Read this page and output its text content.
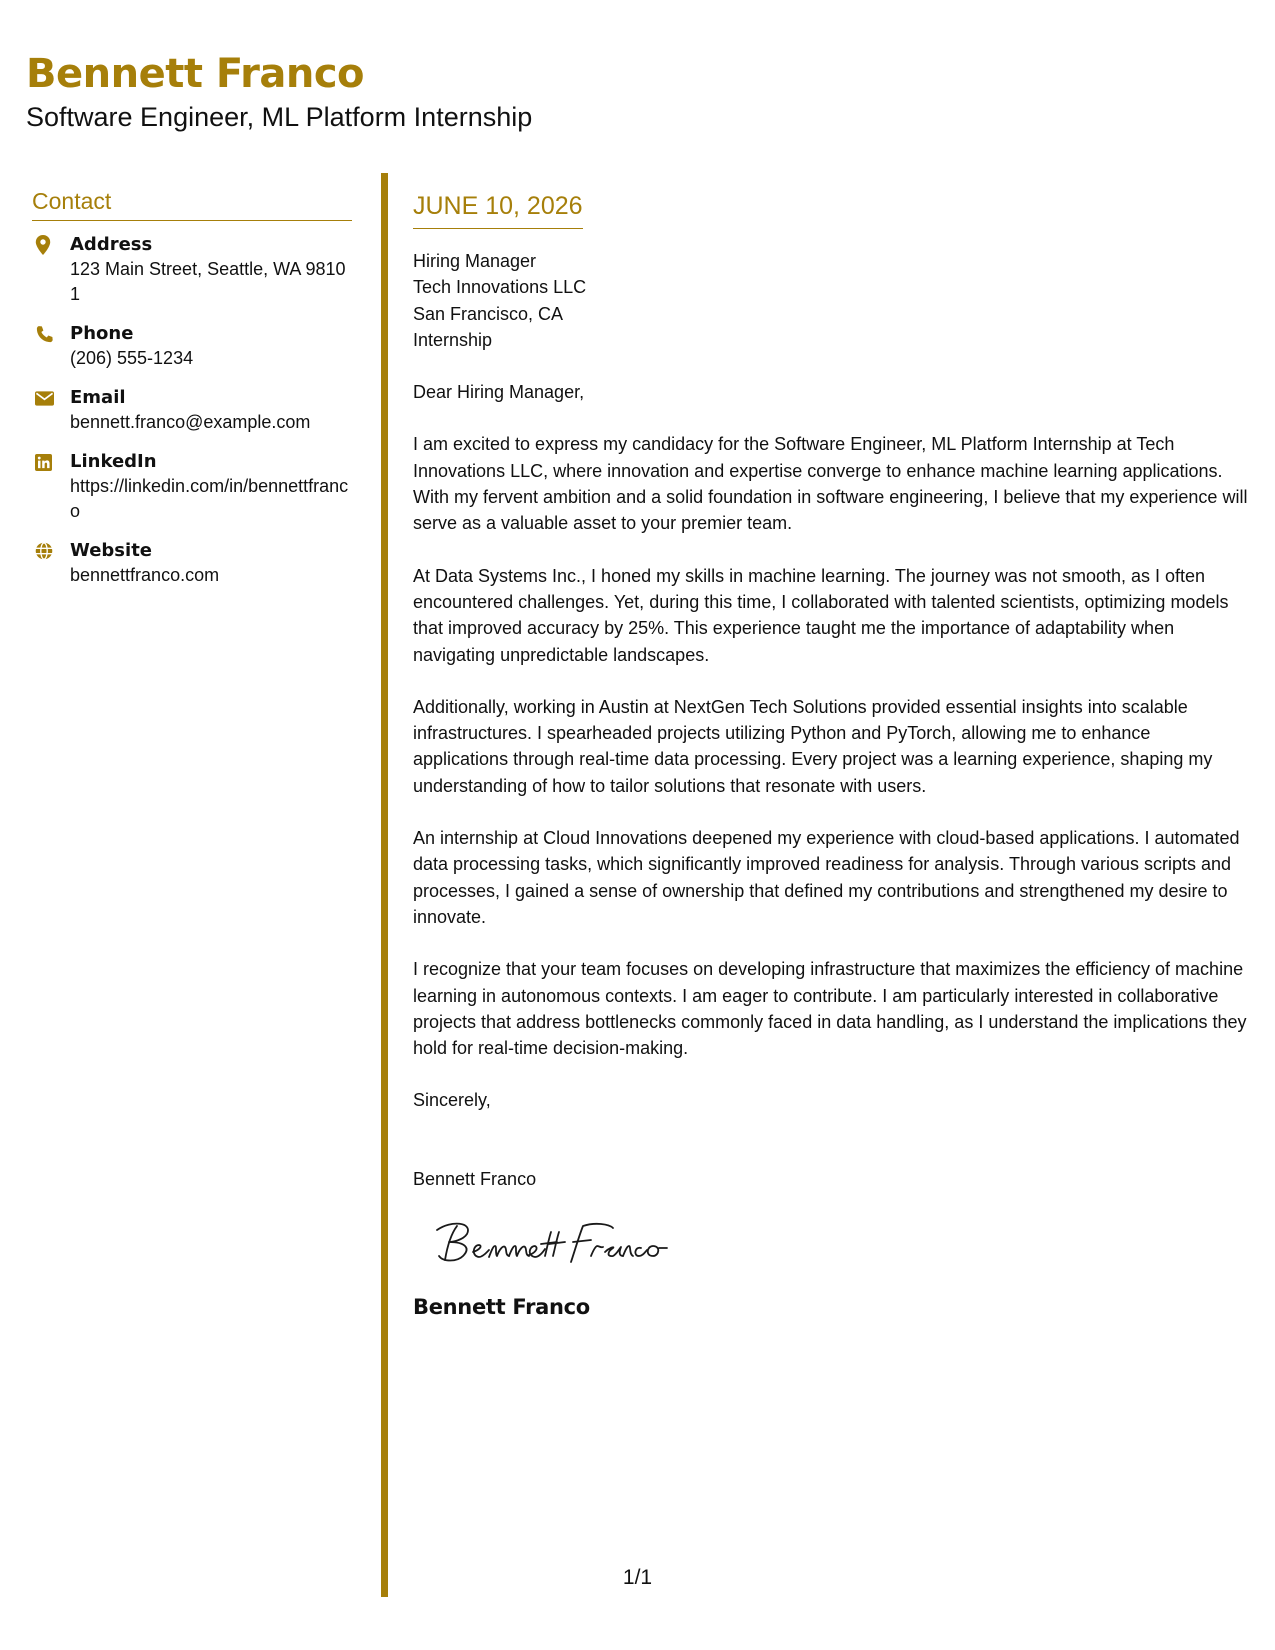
Bennett Franco
Software Engineer, ML Platform Internship
Contact
Address
123 Main Street, Seattle, WA 98101
Phone
(206) 555-1234
Email
bennett.franco@example.com
LinkedIn
https://linkedin.com/in/bennettfranco
Website
bennettfranco.com
JUNE 10, 2026
Hiring Manager
Tech Innovations LLC
San Francisco, CA
Internship

Dear Hiring Manager,

I am excited to express my candidacy for the Software Engineer, ML Platform Internship at Tech Innovations LLC, where innovation and expertise converge to enhance machine learning applications. With my fervent ambition and a solid foundation in software engineering, I believe that my experience will serve as a valuable asset to your premier team.

At Data Systems Inc., I honed my skills in machine learning. The journey was not smooth, as I often encountered challenges. Yet, during this time, I collaborated with talented scientists, optimizing models that improved accuracy by 25%. This experience taught me the importance of adaptability when navigating unpredictable landscapes.

Additionally, working in Austin at NextGen Tech Solutions provided essential insights into scalable infrastructures. I spearheaded projects utilizing Python and PyTorch, allowing me to enhance applications through real-time data processing. Every project was a learning experience, shaping my understanding of how to tailor solutions that resonate with users.

An internship at Cloud Innovations deepened my experience with cloud-based applications. I automated data processing tasks, which significantly improved readiness for analysis. Through various scripts and processes, I gained a sense of ownership that defined my contributions and strengthened my desire to innovate.

I recognize that your team focuses on developing infrastructure that maximizes the efficiency of machine learning in autonomous contexts. I am eager to contribute. I am particularly interested in collaborative projects that address bottlenecks commonly faced in data handling, as I understand the implications they hold for real-time decision-making.

Sincerely,

Bennett Franco

Bennett Franco

1/1
